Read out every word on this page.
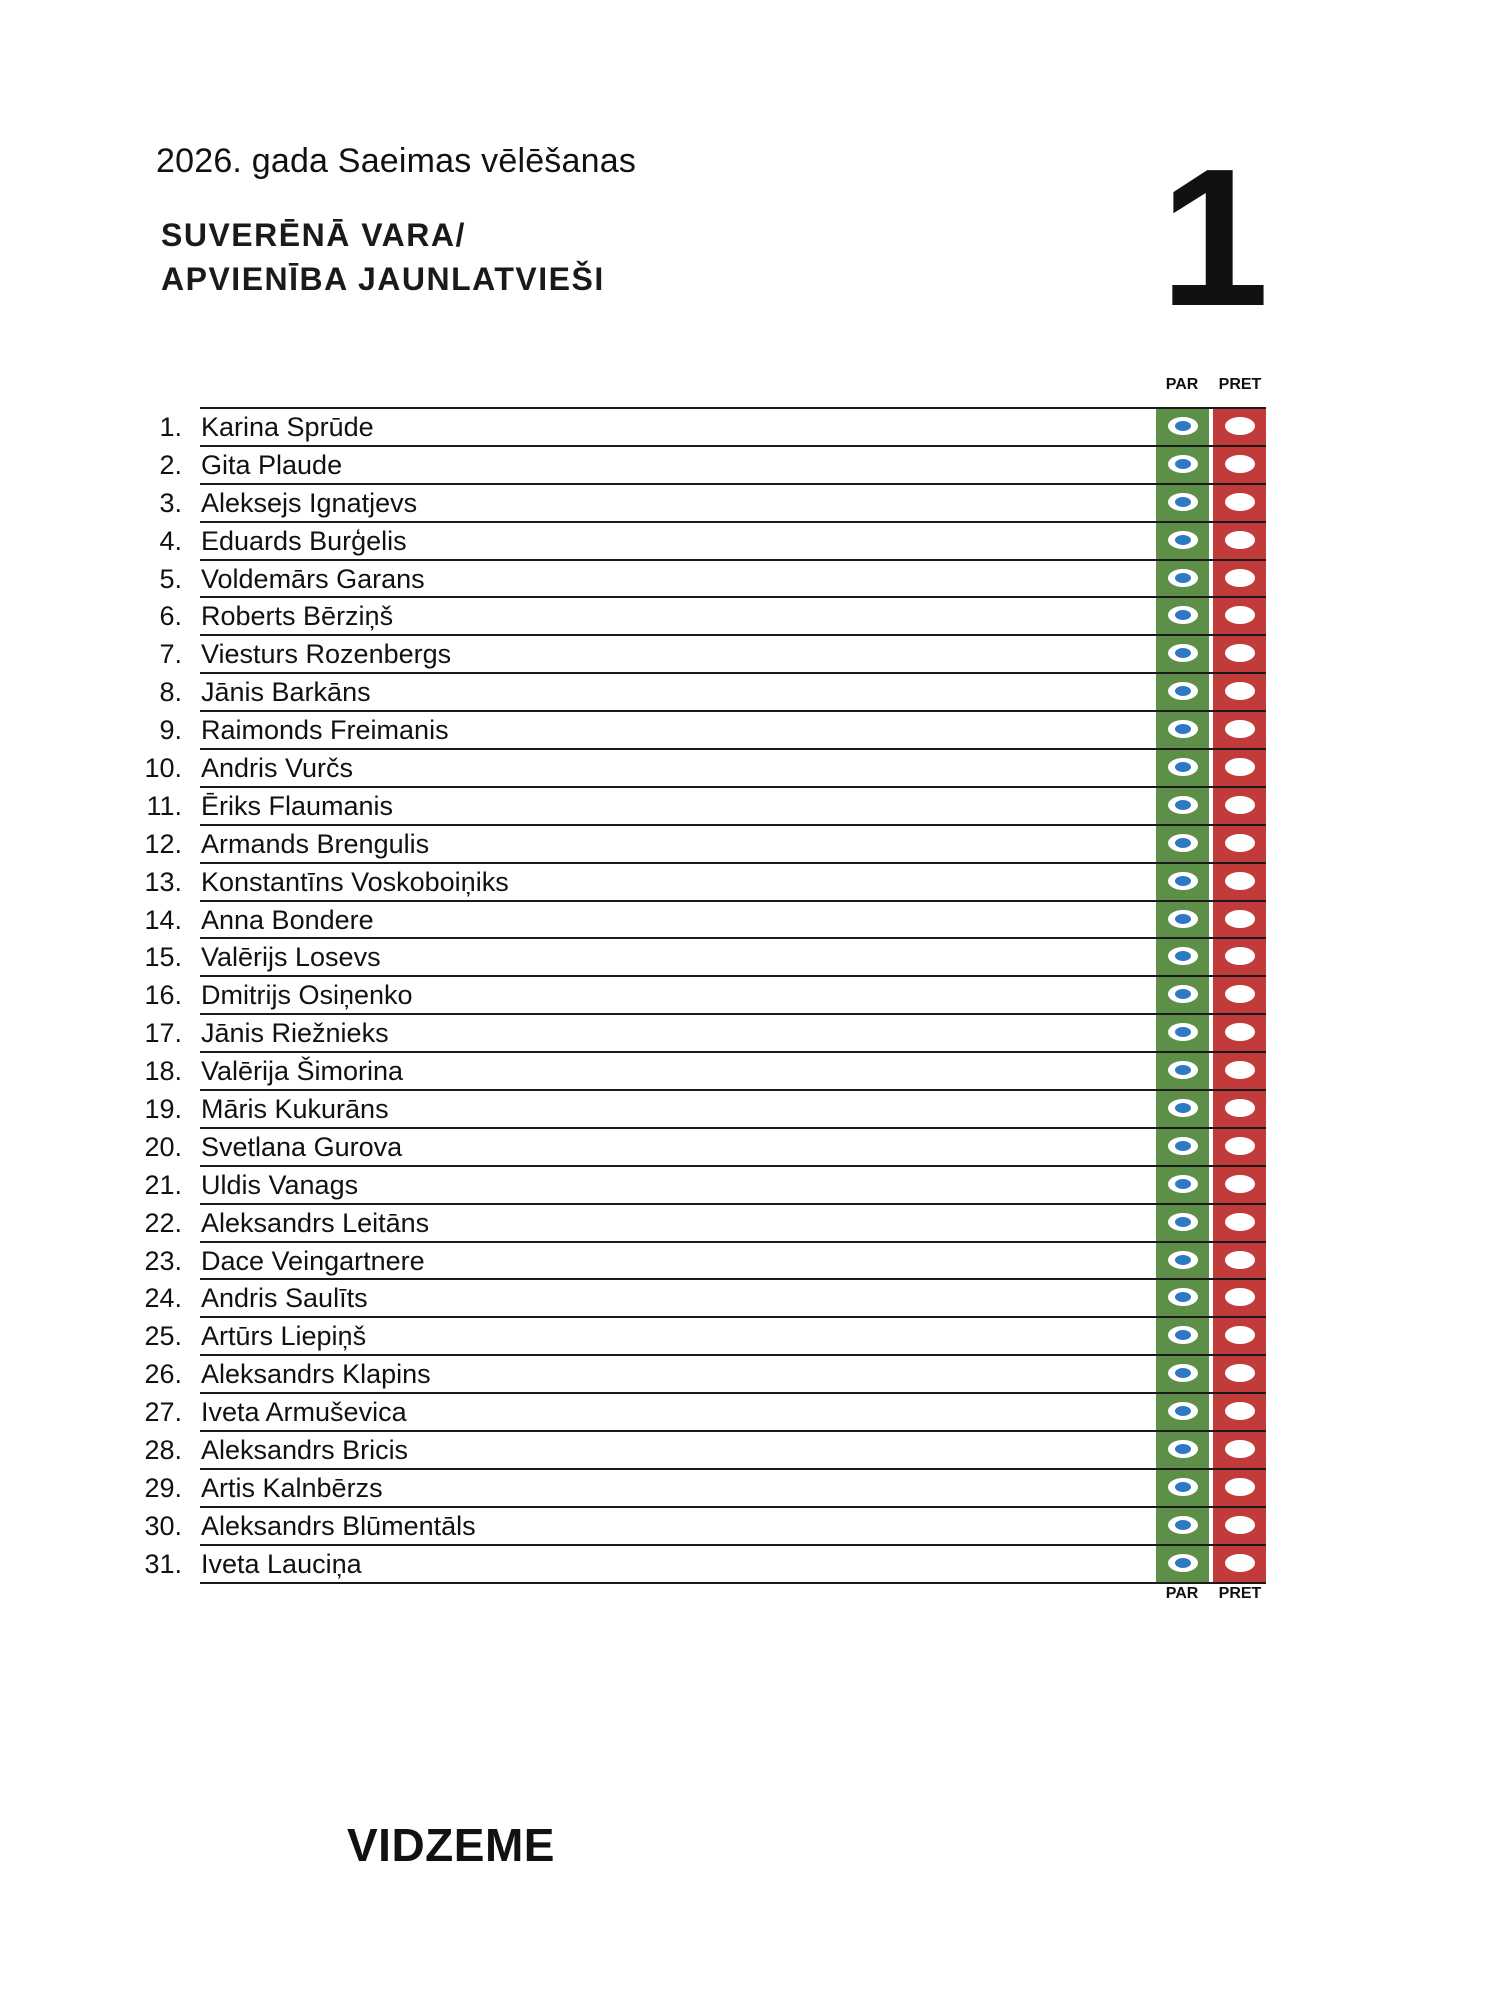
2026. gada Saeimas vēlēšanas
SUVERĒNĀ VARA/
APVIENĪBA JAUNLATVIEŠI	1
PAR	PRET
1. Karina Sprūde
2. Gita Plaude
3. Aleksejs Ignatjevs
4. Eduards Burģelis
5. Voldemārs Garans
6. Roberts Bērziņš
7. Viesturs Rozenbergs
8. Jānis Barkāns
9. Raimonds Freimanis
10. Andris Vurčs
11. Ēriks Flaumanis
12. Armands Brengulis
13. Konstantīns Voskoboiņiks
14. Anna Bondere
15. Valērijs Losevs
16. Dmitrijs Osiņenko
17. Jānis Riežnieks
18. Valērija Šimorina
19. Māris Kukurāns
20. Svetlana Gurova
21. Uldis Vanags
22. Aleksandrs Leitāns
23. Dace Veingartnere
24. Andris Saulīts
25. Artūrs Liepiņš
26. Aleksandrs Klapins
27. Iveta Armuševica
28. Aleksandrs Bricis
29. Artis Kalnbērzs
30. Aleksandrs Blūmentāls
31. Iveta Lauciņa
PAR	PRET
VIDZEME
